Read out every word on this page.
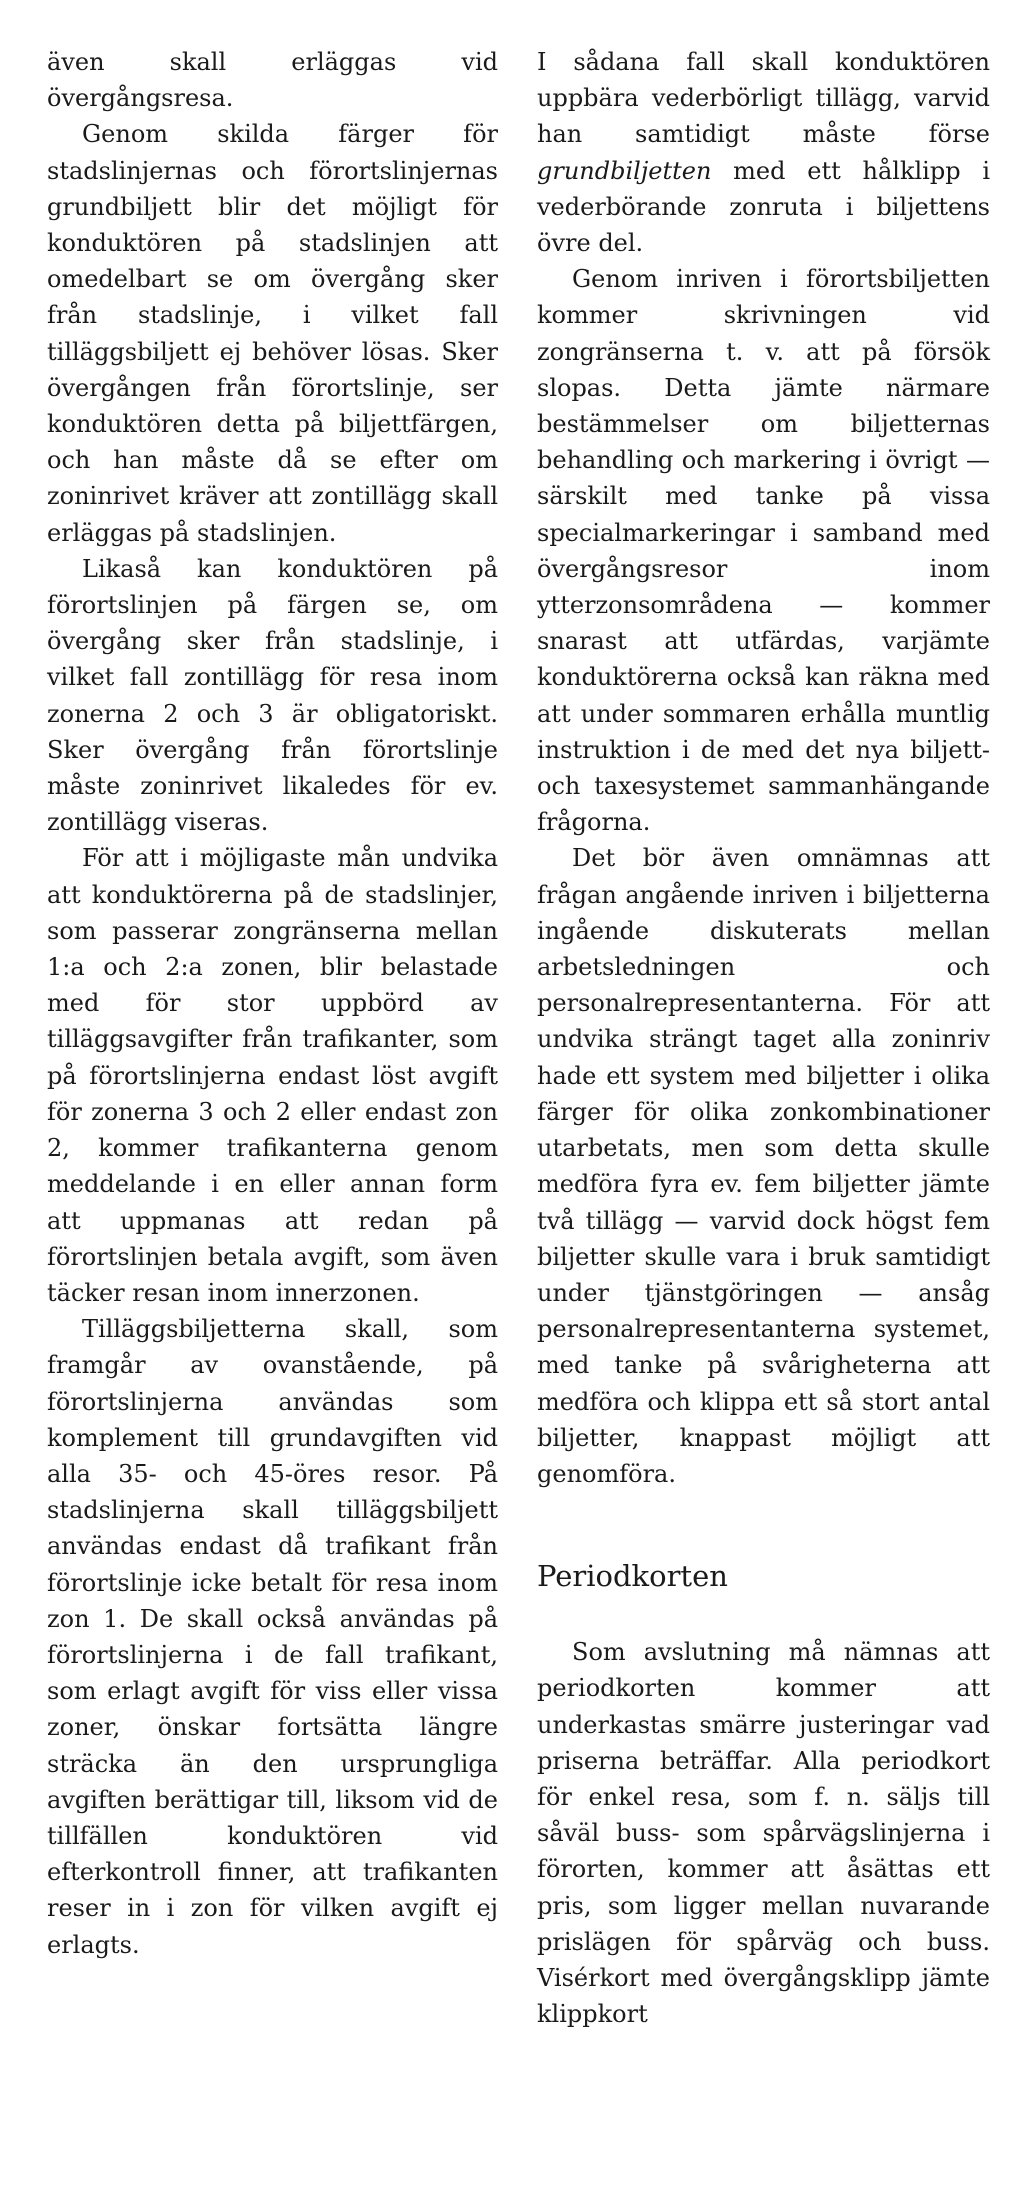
även skall erläggas vid övergångsresa.

Genom skilda färger för stadslinjernas och förortslinjernas grundbiljett blir det möjligt för konduktören på stadslinjen att omedelbart se om övergång sker från stadslinje, i vilket fall tilläggsbiljett ej behöver lösas. Sker övergången från förortslinje, ser konduktören detta på biljettfärgen, och han måste då se efter om zoninrivet kräver att zontillägg skall erläggas på stadslinjen.

Likaså kan konduktören på förortslinjen på färgen se, om övergång sker från stadslinje, i vilket fall zontillägg för resa inom zonerna 2 och 3 är obligatoriskt. Sker övergång från förortslinje måste zoninrivet likaledes för ev. zontillägg viseras.

För att i möjligaste mån undvika att konduktörerna på de stadslinjer, som passerar zongränserna mellan 1:a och 2:a zonen, blir belastade med för stor uppbörd av tilläggsavgifter från trafikanter, som på förortslinjerna endast löst avgift för zonerna 3 och 2 eller endast zon 2, kommer trafikanterna genom meddelande i en eller annan form att uppmanas att redan på förortslinjen betala avgift, som även täcker resan inom innerzonen.

Tilläggsbiljetterna skall, som framgår av ovanstående, på förortslinjerna användas som komplement till grundavgiften vid alla 35- och 45-öres resor. På stadslinjerna skall tilläggsbiljett användas endast då trafikant från förortslinje icke betalt för resa inom zon 1. De skall också användas på förortslinjerna i de fall trafikant, som erlagt avgift för viss eller vissa zoner, önskar fortsätta längre sträcka än den ursprungliga avgiften berättigar till, liksom vid de tillfällen konduktören vid efterkontroll finner, att trafikanten reser in i zon för vilken avgift ej erlagts.

I sådana fall skall konduktören uppbära vederbörligt tillägg, varvid han samtidigt måste förse grundbiljetten med ett hålklipp i vederbörande zonruta i biljettens övre del.

Genom inriven i förortsbiljetten kommer skrivningen vid zongränserna t. v. att på försök slopas. Detta jämte närmare bestämmelser om biljetternas behandling och markering i övrigt — särskilt med tanke på vissa specialmarkeringar i samband med övergångsresor inom ytterzonsområdena — kommer snarast att utfärdas, varjämte konduktörerna också kan räkna med att under sommaren erhålla muntlig instruktion i de med det nya biljett- och taxesystemet sammanhängande frågorna.

Det bör även omnämnas att frågan angående inriven i biljetterna ingående diskuterats mellan arbetsledningen och personalrepresentanterna. För att undvika strängt taget alla zoninriv hade ett system med biljetter i olika färger för olika zonkombinationer utarbetats, men som detta skulle medföra fyra ev. fem biljetter jämte två tillägg — varvid dock högst fem biljetter skulle vara i bruk samtidigt under tjänstgöringen — ansåg personalrepresentanterna systemet, med tanke på svårigheterna att medföra och klippa ett så stort antal biljetter, knappast möjligt att genomföra.

Periodkorten

Som avslutning må nämnas att periodkorten kommer att underkastas smärre justeringar vad priserna beträffar. Alla periodkort för enkel resa, som f. n. säljs till såväl buss- som spårvägslinjerna i förorten, kommer att åsättas ett pris, som ligger mellan nuvarande prislägen för spårväg och buss. Visérkort med övergångsklipp jämte klippkort
